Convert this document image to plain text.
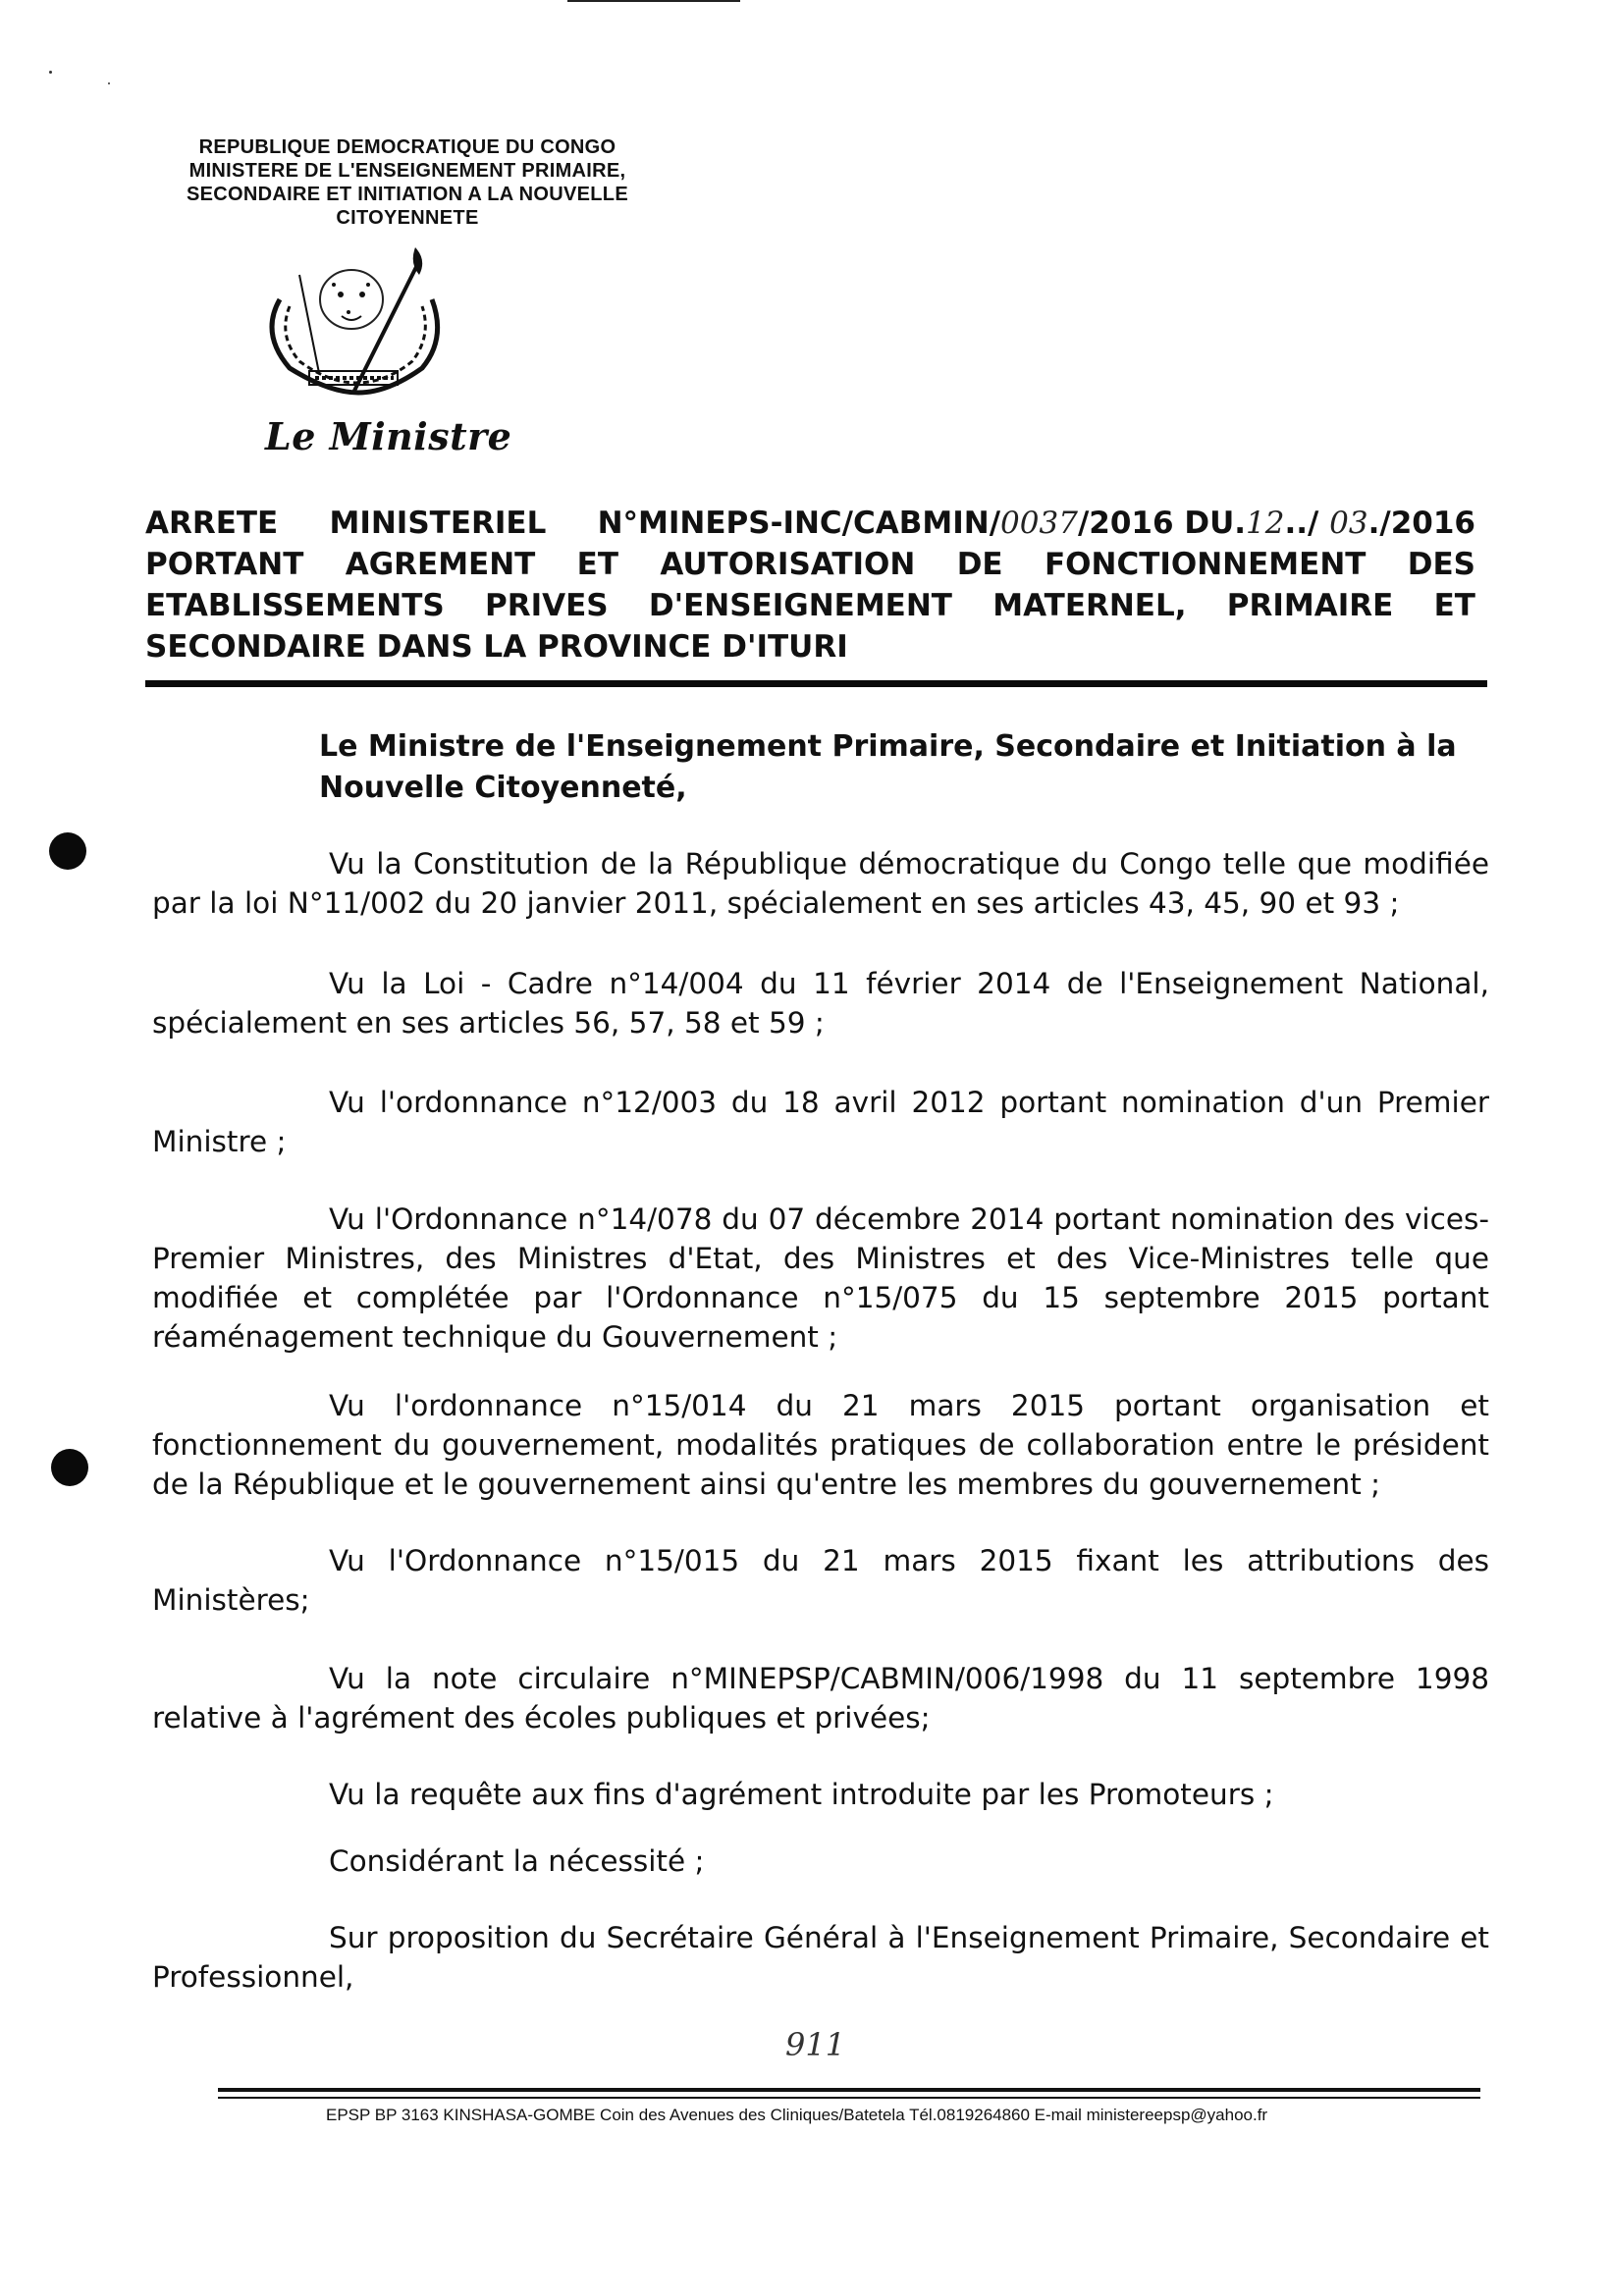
REPUBLIQUE DEMOCRATIQUE DU CONGO
MINISTERE DE L'ENSEIGNEMENT PRIMAIRE,
SECONDAIRE ET INITIATION A LA NOUVELLE
CITOYENNETE
Le Ministre
ARRETE MINISTERIEL N°MINEPS-INC/CABMIN/0037/2016 DU.12../ 03./2016
PORTANT AGREMENT ET AUTORISATION DE FONCTIONNEMENT DES
ETABLISSEMENTS PRIVES D'ENSEIGNEMENT MATERNEL, PRIMAIRE ET
SECONDAIRE DANS LA PROVINCE D'ITURI
Le Ministre de l'Enseignement Primaire, Secondaire et Initiation à la Nouvelle Citoyenneté,
Vu la Constitution de la République démocratique du Congo telle que modifiée par la loi N°11/002 du 20 janvier 2011, spécialement en ses articles 43, 45, 90 et 93 ;
Vu la Loi - Cadre n°14/004 du 11 février 2014 de l'Enseignement National, spécialement en ses articles 56, 57, 58 et 59 ;
Vu l'ordonnance n°12/003 du 18 avril 2012 portant nomination d'un Premier Ministre ;
Vu l'Ordonnance n°14/078 du 07 décembre 2014 portant nomination des vices-Premier Ministres, des Ministres d'Etat, des Ministres et des Vice-Ministres telle que modifiée et complétée par l'Ordonnance n°15/075 du 15 septembre 2015 portant réaménagement technique du Gouvernement ;
Vu l'ordonnance n°15/014 du 21 mars 2015 portant organisation et fonctionnement du gouvernement, modalités pratiques de collaboration entre le président de la République et le gouvernement ainsi qu'entre les membres du gouvernement ;
Vu l'Ordonnance n°15/015 du 21 mars 2015 fixant les attributions des Ministères;
Vu la note circulaire n°MINEPSP/CABMIN/006/1998 du 11 septembre 1998 relative à l'agrément des écoles publiques et privées;
Vu la requête aux fins d'agrément introduite par les Promoteurs ;
Considérant la nécessité ;
Sur proposition du Secrétaire Général à l'Enseignement Primaire, Secondaire et Professionnel,
911
EPSP BP 3163 KINSHASA-GOMBE Coin des Avenues des Cliniques/Batetela Tél.0819264860 E-mail ministereepsp@yahoo.fr
